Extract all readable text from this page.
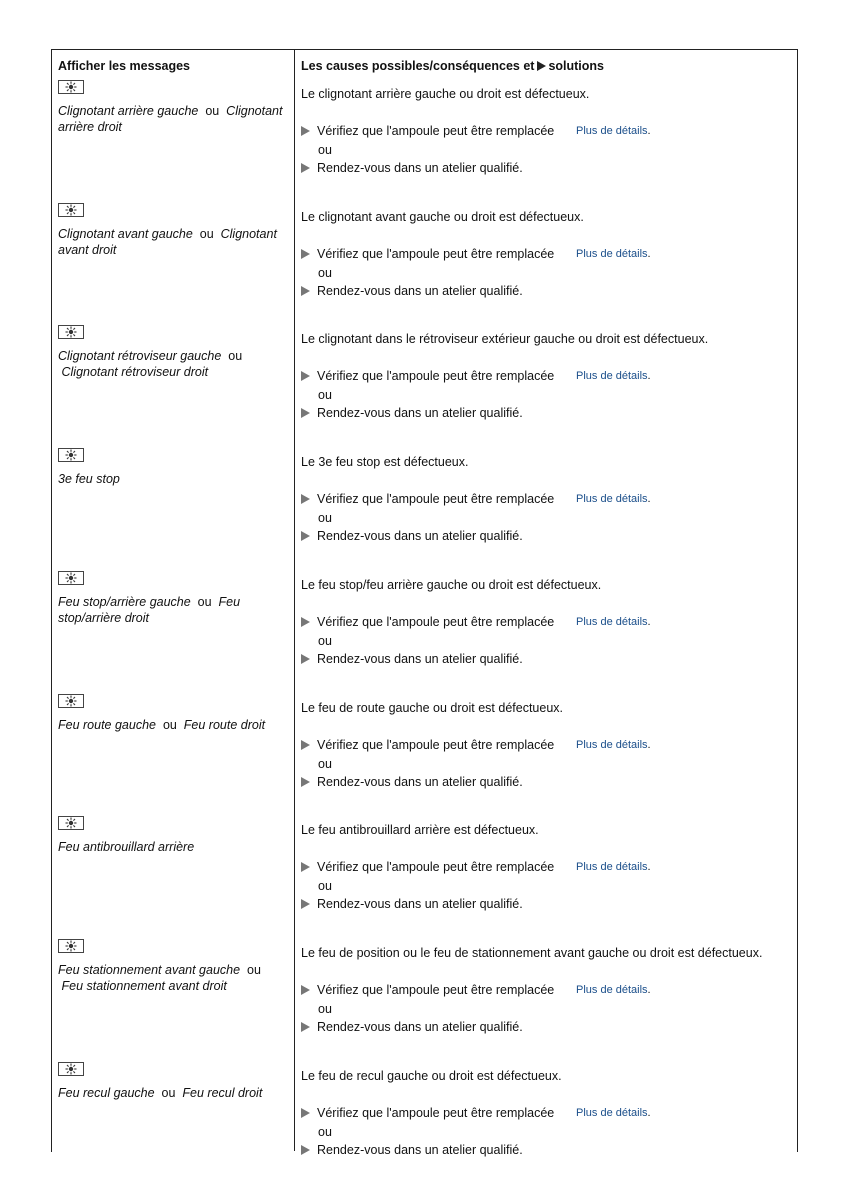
Afficher les messages	Les causes possibles/conséquences et solutions
Clignotant arrière gauche  ou  Clignotant arrière droit
Le clignotant arrière gauche ou droit est défectueux.
Vérifiez que l'ampoule peut être remplacée Plus de détails.
ou
Rendez-vous dans un atelier qualifié.
Clignotant avant gauche  ou  Clignotant avant droit
Le clignotant avant gauche ou droit est défectueux.
Vérifiez que l'ampoule peut être remplacée Plus de détails.
ou
Rendez-vous dans un atelier qualifié.
Clignotant rétroviseur gauche  ou  Clignotant rétroviseur droit
Le clignotant dans le rétroviseur extérieur gauche ou droit est défectueux.
Vérifiez que l'ampoule peut être remplacée Plus de détails.
ou
Rendez-vous dans un atelier qualifié.
3e feu stop
Le 3e feu stop est défectueux.
Vérifiez que l'ampoule peut être remplacée Plus de détails.
ou
Rendez-vous dans un atelier qualifié.
Feu stop/arrière gauche  ou  Feu stop/arrière droit
Le feu stop/feu arrière gauche ou droit est défectueux.
Vérifiez que l'ampoule peut être remplacée Plus de détails.
ou
Rendez-vous dans un atelier qualifié.
Feu route gauche  ou  Feu route droit
Le feu de route gauche ou droit est défectueux.
Vérifiez que l'ampoule peut être remplacée Plus de détails.
ou
Rendez-vous dans un atelier qualifié.
Feu antibrouillard arrière
Le feu antibrouillard arrière est défectueux.
Vérifiez que l'ampoule peut être remplacée Plus de détails.
ou
Rendez-vous dans un atelier qualifié.
Feu stationnement avant gauche  ou  Feu stationnement avant droit
Le feu de position ou le feu de stationnement avant gauche ou droit est défectueux.
Vérifiez que l'ampoule peut être remplacée Plus de détails.
ou
Rendez-vous dans un atelier qualifié.
Feu recul gauche  ou  Feu recul droit
Le feu de recul gauche ou droit est défectueux.
Vérifiez que l'ampoule peut être remplacée Plus de détails.
ou
Rendez-vous dans un atelier qualifié.
